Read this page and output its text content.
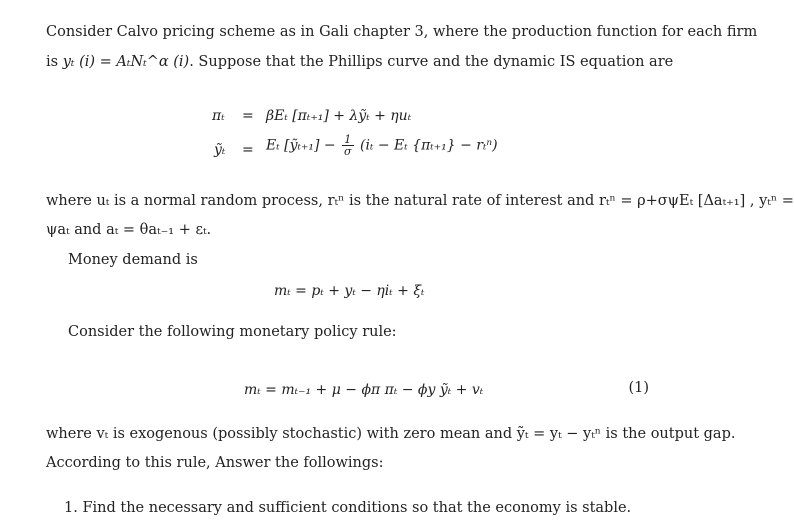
Consider Calvo pricing scheme as in Gali chapter 3, where the production function for each firm
is yₜ (i) = AₜNₜ^α (i). Suppose that the Phillips curve and the dynamic IS equation are
πₜ = βEₜ [πₜ₊₁] + λỹₜ + ηuₜ
ỹₜ = Eₜ [ỹₜ₊₁] − $\frac{1}{\sigma} (i_t - E_t$ {πₜ₊₁} − rₜⁿ)
where uₜ is a normal random process, rₜⁿ is the natural rate of interest and rₜⁿ = ρ+σψEₜ [Δaₜ₊₁] , yₜⁿ =
ψaₜ and aₜ = θaₜ₋₁ + εₜ.
Money demand is
mₜ = pₜ + yₜ − ηiₜ + ξₜ
Consider the following monetary policy rule:
mₜ = mₜ₋₁ + μ − ϕπ πₜ − ϕy ỹₜ + vₜ	(1)
where vₜ is exogenous (possibly stochastic) with zero mean and ỹₜ = yₜ − yₜⁿ is the output gap.
According to this rule, Answer the followings:
1. Find the necessary and sufficient conditions so that the economy is stable.
